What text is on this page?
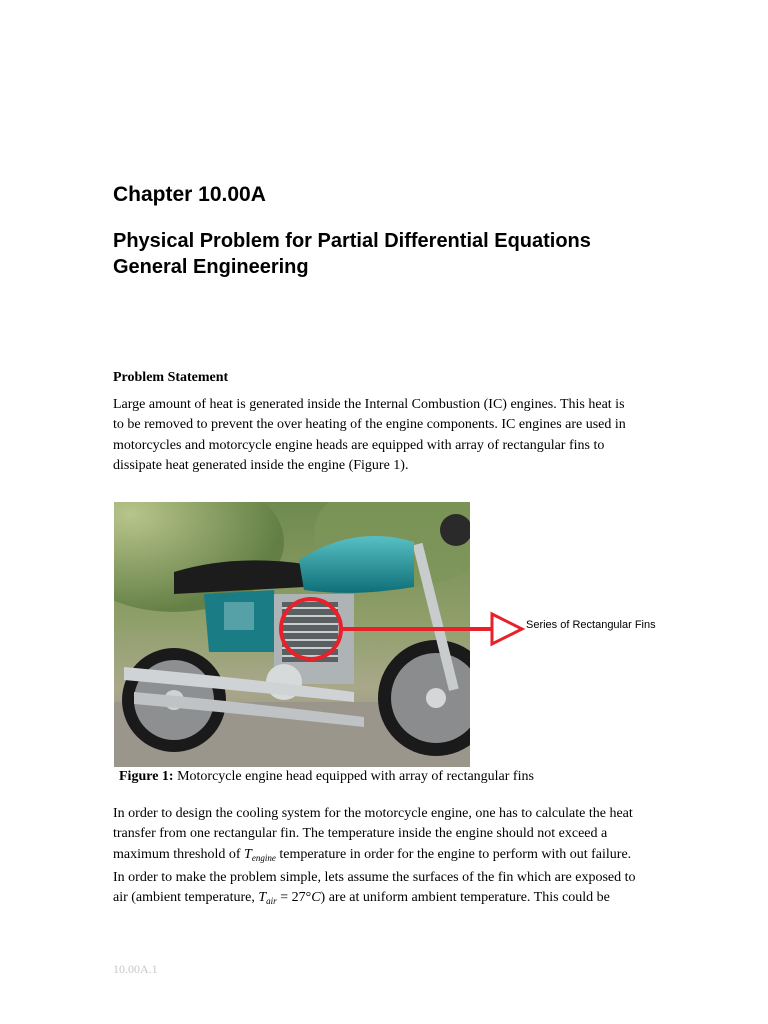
Chapter 10.00A
Physical Problem for Partial Differential Equations
General Engineering
Problem Statement

Large amount of heat is generated inside the Internal Combustion (IC) engines. This heat is
to be removed to prevent the over heating of the engine components. IC engines are used in
motorcycles and motorcycle engine heads are equipped with array of rectangular fins to
dissipate heat generated inside the engine (Figure 1).

Series of Rectangular Fins
Figure 1: Motorcycle engine head equipped with array of rectangular fins

In order to design the cooling system for the motorcycle engine, one has to calculate the heat
transfer from one rectangular fin. The temperature inside the engine should not exceed a
maximum threshold of $T_{engine}$ temperature in order for the engine to perform with out failure.
In order to make the problem simple, lets assume the surfaces of the fin which are exposed to
air (ambient temperature, $T_{air} = 27^\circ C$) are at uniform ambient temperature. This could be

10.00A.1
